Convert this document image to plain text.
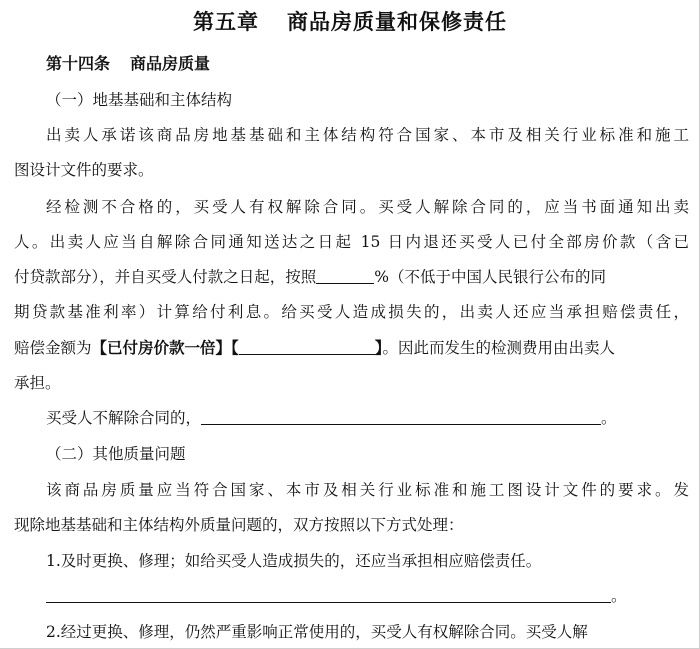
第五章 商品房质量和保修责任
第十四条 商品房质量
（一）地基基础和主体结构
出卖人承诺该商品房地基基础和主体结构符合国家、本市及相关行业标准和施工
图设计文件的要求。
经检测不合格的，买受人有权解除合同。买受人解除合同的，应当书面通知出卖
人。出卖人应当自解除合同通知送达之日起 15 日内退还买受人已付全部房价款（含已
付贷款部分），并自买受人付款之日起，按照	%（不低于中国人民银行公布的同
期贷款基准利率）计算给付利息。给买受人造成损失的，出卖人还应当承担赔偿责任，
赔偿金额为【已付房价款一倍】【	】。因此而发生的检测费用由出卖人
承担。
买受人不解除合同的，	。
（二）其他质量问题
该商品房质量应当符合国家、本市及相关行业标准和施工图设计文件的要求。发
现除地基基础和主体结构外质量问题的，双方按照以下方式处理：
1.及时更换、修理；如给买受人造成损失的，还应当承担相应赔偿责任。
。
2.经过更换、修理，仍然严重影响正常使用的，买受人有权解除合同。买受人解
